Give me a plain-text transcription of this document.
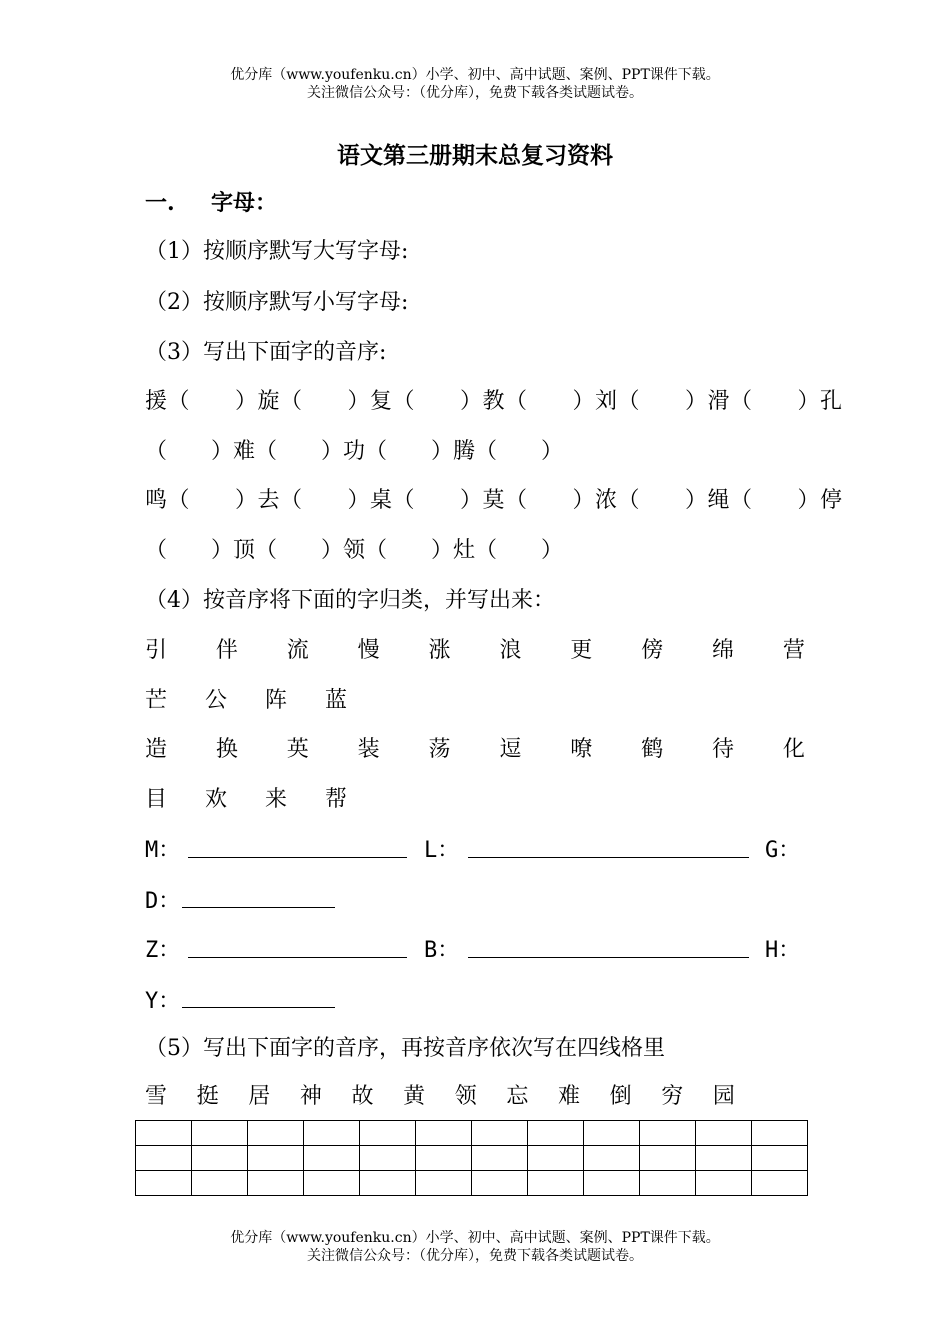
优分库（www.youfenku.cn）小学、初中、高中试题、案例、PPT课件下载。
关注微信公众号：（优分库），免费下载各类试题试卷。
语文第三册期末总复习资料
一. 字母：
（1）按顺序默写大写字母:
（2）按顺序默写小写字母:
（3）写出下面字的音序:
援（　　）旋（　　）复（　　）教（　　）刘（　　）滑（　　）孔
（　　）难（　　）功（　　）腾（　　）
鸣（　　）去（　　）桌（　　）莫（　　）浓（　　）绳（　　）停
（　　）顶（　　）领（　　）灶（　　）
（4）按音序将下面的字归类，并写出来：
引 伴 流 慢 涨 浪 更 傍 绵 营
芒 公 阵 蓝
造 换 英 装 荡 逗 嘹 鹤 待 化
目 欢 来 帮
M：	L：	G：
D：
Z：	B：	H：
Y：
（5）写出下面字的音序，再按音序依次写在四线格里
雪 挺 居 神 故 黄 领 忘 难 倒 穷 园

优分库（www.youfenku.cn）小学、初中、高中试题、案例、PPT课件下载。
关注微信公众号：（优分库），免费下载各类试题试卷。
